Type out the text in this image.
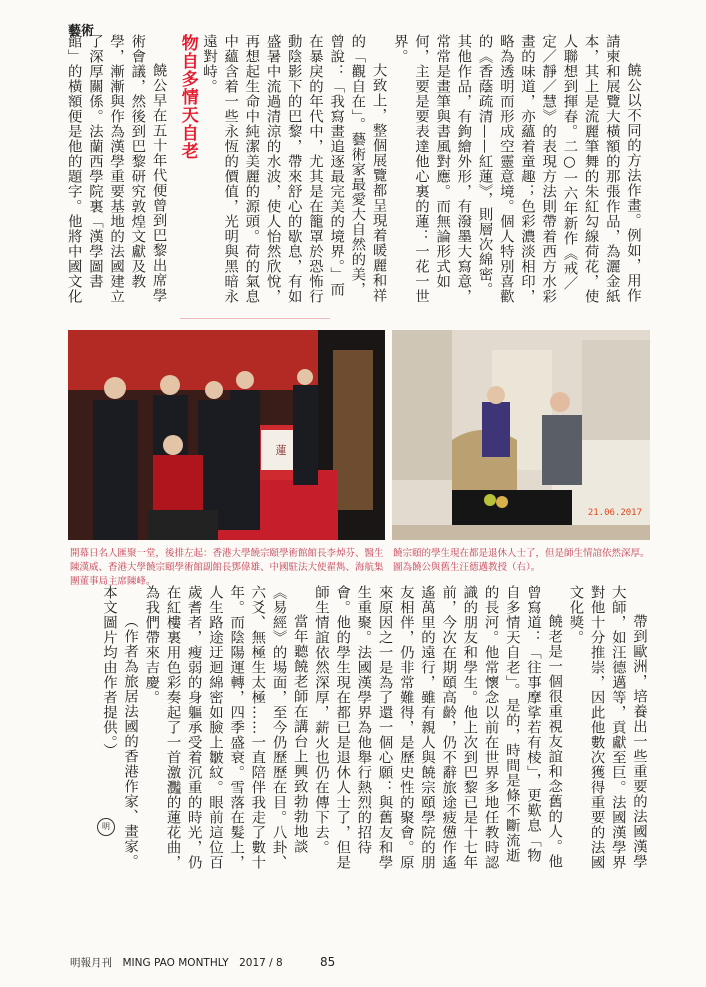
藝術

饒公以不同的方法作畫。例如，用作請柬和展覽大橫額的那張作品，為灑金紙本，其上是流麗筆舞的朱紅勾線荷花，使人聯想到揮春。二○一六年新作《戒／定／靜／慧》的表現方法則帶着西方水彩畫的味道，亦蘊着童趣；色彩濃淡相印，略為透明而形成空靈意境。個人特別喜歡的《香蔭疏清——紅蓮》，則層次綿密。其他作品，有鉤繪外形，有潑墨大寫意，常常是畫筆與書風對應。而無論形式如何，主要是要表達他心裏的蓮：一花一世界。

大致上，整個展覽都呈現着暖麗和祥的「觀自在」。藝術家最愛大自然的美，曾說：「我寫畫追逐最完美的境界。」而在暴戾的年代中，尤其是在籠罩於恐怖行動陰影下的巴黎，帶來舒心的歇息，有如盛暑中流過清涼的水波，使人怡然欣悅，再想起生命中純潔美麗的源頭。荷的氣息中蘊含着一些永恆的價值，光明與黑暗永遠對峙。

物自多情天自老

饒公早在五十年代便曾到巴黎出席學術會議，然後到巴黎研究敦煌文獻及教學，漸漸與作為漢學重要基地的法國建立了深厚關係。法蘭西學院裏「漢學圖書館」的橫額便是他的題字。他將中國文化

蓮
21.06.2017
開幕日名人匯聚一堂，後排左起：香港大學饒宗頤學術館館長李焯芬、醫生陳漢威、香港大學饒宗頤學術館副館長鄧偉雄、中國駐法大使翟雋、海航集團董事局主席陳峰。
饒宗頤的學生現在都是退休人士了，但是師生情誼依然深厚。圖為饒公與舊生汪德邁教授（右）。

帶到歐洲，培養出一些重要的法國漢學大師，如汪德邁等，貢獻至巨。法國漢學界對他十分推崇，因此他數次獲得重要的法國文化獎。

饒老是一個很重視友誼和念舊的人。他曾寫道：「往事摩挲若有棱」，更歎息「物自多情天自老」。是的，時間是條不斷流逝的長河。他常懷念以前在世界多地任教時認識的朋友和學生。他上次到巴黎已是十七年前，今次在期頤高齡，仍不辭旅途疲憊作遙遙萬里的遠行，雖有親人與饒宗頤學院的朋友相伴，仍非常難得，是歷史性的聚會。原來原因之一是為了還一個心願：與舊友和學生重聚。法國漢學界為他舉行熱烈的招待會。他的學生現在都已是退休人士了，但是師生情誼依然深厚，薪火也仍在傳下去。

當年聽饒老師在講台上興致勃勃地談《易經》的場面，至今仍歷歷在目。八卦、六爻、無極生太極……一直陪伴我走了數十年。而陰陽運轉，四季盛衰。雪落在髮上，人生路途迂迴綿密如臉上皺紋。眼前這位百歲耆者，瘦弱的身軀承受着沉重的時光，仍在紅樓裏用色彩奏起了一首激灩的蓮花曲，為我們帶來吉慶。

（作者為旅居法國的香港作家、畫家。本文圖片均由作者提供。）

明
明報月刊　MING PAO MONTHLY　2017 / 8	85
